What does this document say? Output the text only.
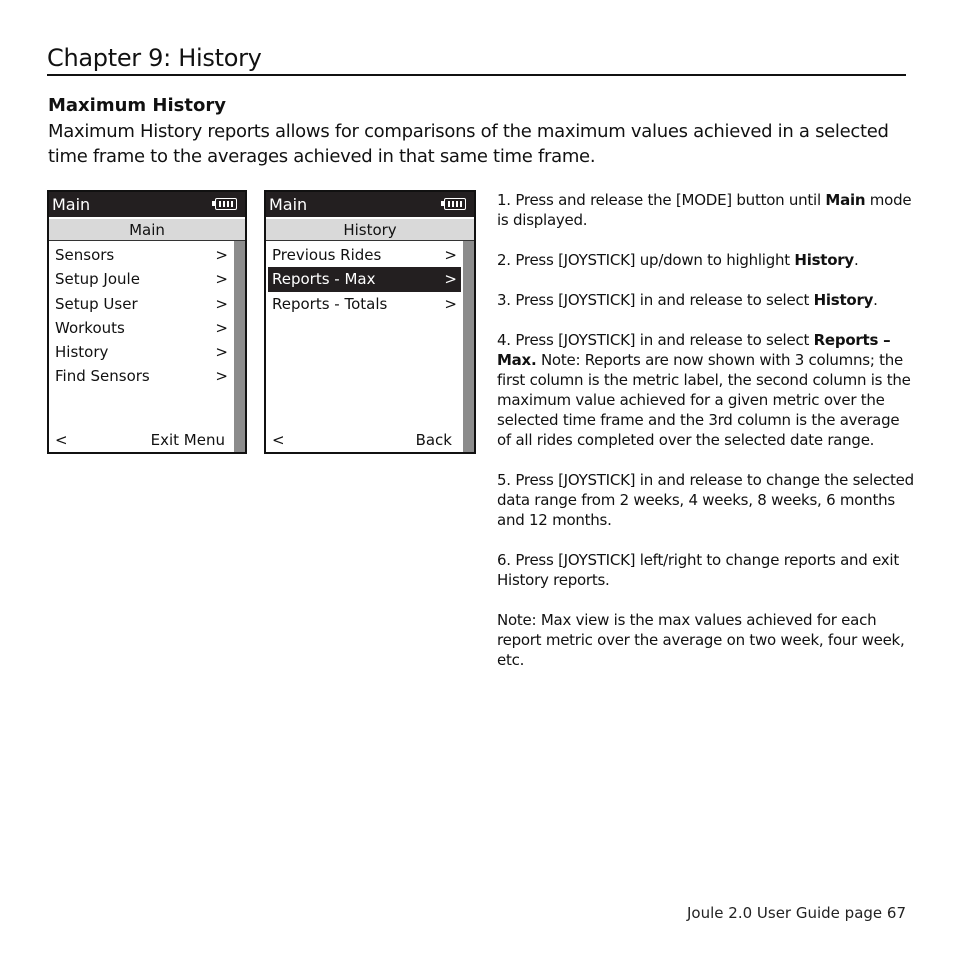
Chapter 9: History
Maximum History
Maximum History reports allows for comparisons of the maximum values achieved in a selected time frame to the averages achieved in that same time frame.
Main
Main
Sensors	>
Setup Joule	>
Setup User	>
Workouts	>
History	>
Find Sensors	>
<	Exit Menu
Main
History
Previous Rides	>
Reports - Max	>
Reports - Totals	>
<	Back

1. Press and release the [MODE] button until Main mode is displayed.

2. Press [JOYSTICK] up/down to highlight History.

3. Press [JOYSTICK] in and release to select History.

4. Press [JOYSTICK] in and release to select Reports – Max. Note: Reports are now shown with 3 columns; the first column is the metric label, the second column is the maximum value achieved for a given metric over the selected time frame and the 3rd column is the average of all rides completed over the selected date range.

5. Press [JOYSTICK] in and release to change the selected data range from 2 weeks, 4 weeks, 8 weeks, 6 months and 12 months.

6. Press [JOYSTICK] left/right to change reports and exit History reports.

Note: Max view is the max values achieved for each report metric over the average on two week, four week, etc.

Joule 2.0 User Guide page 67
